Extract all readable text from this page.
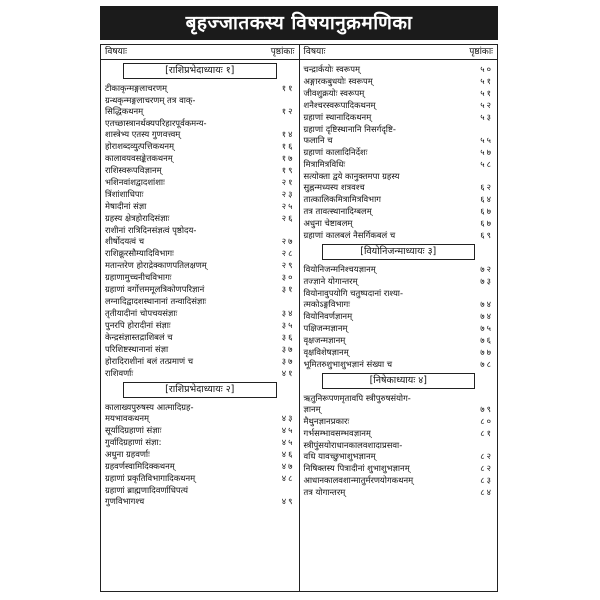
बृहज्जातकस्य विषयानुक्रमणिका
विषयाः	पृष्ठांकाः
[राशिप्रभेदाध्यायः १]
टीकाकृन्मङ्गलाचरणम्	११
ग्रन्थकृन्मङ्गलाचरणम् तत्र वाक्-
सिद्धिकथनम्	१२
एतच्छास्त्रानर्थक्यपरिहारपूर्वकमन्य-
शास्त्रेभ्य एतस्य गुणवत्त्वम्	१४
होराशब्दव्युत्पत्तिकथनम्	१६
कालावयवसङ्केतकथनम्	१७
राशिस्वरूपविज्ञानम्	१९
भशिनवांशद्वादशांशाः	२१
त्रिंशांशाधिपाः	२३
मेषादीनां संज्ञा	२५
ग्रहस्य क्षेत्रहोरादिसंज्ञाः	२६
राशीनां रात्रिदिनसंज्ञत्वं पृष्ठोदय-
शीर्षोदयत्वं च	२७
राशिक्रूरसौम्यादिविभागः	२८
मतान्तरेण होराद्रेक्काणपतिलक्षणम्	२९
ग्रहाणामुच्चनीचविभागः	३०
ग्रहाणां वर्गोत्तममूलत्रिकोणपरिज्ञानं	३१
लग्नादिद्वादशस्थानानां तन्वादिसंज्ञाः
तृतीयादीनां चोपचयसंज्ञाः	३४
पुनरपि होरादीनां संज्ञाः	३५
केन्द्रसंज्ञास्तद्राशिबलं च	३६
परिशिष्टस्थानानां संज्ञा	३७
होरादिराशीनां बलं तत्प्रमाणं च	३७
राशिवर्णाः	४१
[राशिप्रभेदाध्यायः २]
कालाख्यपुरुषस्य आत्मादिग्रह-
मयभावकथनम्	४३
सूर्यादिग्रहाणां संज्ञाः	४५
गुर्वादिग्रहाणां संज्ञा:	४५
अधुना ग्रहवर्णाः	४६
ग्रहवर्णस्वामिदिक्कथनम्	४७
ग्रहाणां प्रकृतिविभागादिकथनम्	४८
ग्रहाणां ब्राह्मणादिवर्णाधिपत्यं
गुणविभागश्च	४९
विषयाः	पृष्ठांकाः
चन्द्रार्कयोः स्वरूपम्	५०
अङ्गारकबुधयोः स्वरूपम्	५१
जीवशुक्रयोः स्वरूपम्	५१
शनैश्चरस्वरूपादिकथनम्	५२
ग्रहाणां स्थानादिकथनम्	५३
ग्रहाणां दृष्टिस्थानानि निसर्गदृष्टि-
फलानि च	५५
ग्रहाणां कालादिनिर्देशः	५७
मित्रामित्रविधिः	५८
सत्योक्ता द्वये कानुक्तमपा ग्रहस्य
सुह्नन्मध्यस्य शत्रवश्च	६२
तात्कालिकमित्रामित्रविभाग	६४
तत्र तावत्स्थानादिग्बलम्	६७
अधुना चेष्टाबलम्	६७
ग्रहाणां कालबलं नैसर्गिकबलं च	६९
[वियोनिजन्माध्यायः ३]
वियोनिजन्मनिश्चयज्ञानम्	७२
तज्ज्ञाने योगान्तरम्	७३
वियोनावुपयोगि चतुष्पदानां राश्या-
त्मकोऽङ्गविभागः	७४
वियोनिवर्णज्ञानम्	७४
पक्षिजन्मज्ञानम्	७५
वृक्षजन्मज्ञानम्	७६
वृक्षविशेषज्ञानम्	७७
भूमितरुशुभाशुभज्ञानं संख्या च	७८
[निषेकाध्यायः ४]
ऋतुनिरूपणमृतावपि स्त्रीपुरुषसंयोग-
ज्ञानम्	७९
मैथुनज्ञानप्रकारः	८०
गर्भसम्भावसम्भवज्ञानम्	८१
स्त्रीपुंसयोराधानकालवशादाप्रसवा-
वधि यावच्छुभाशुभज्ञानम्	८२
निषिक्तस्य पित्रादीनां शुभाशुभज्ञानम्	८२
आधानकालवशान्मातुर्मरणयोगकथनम्	८३
तत्र योगान्तरम्	८४
